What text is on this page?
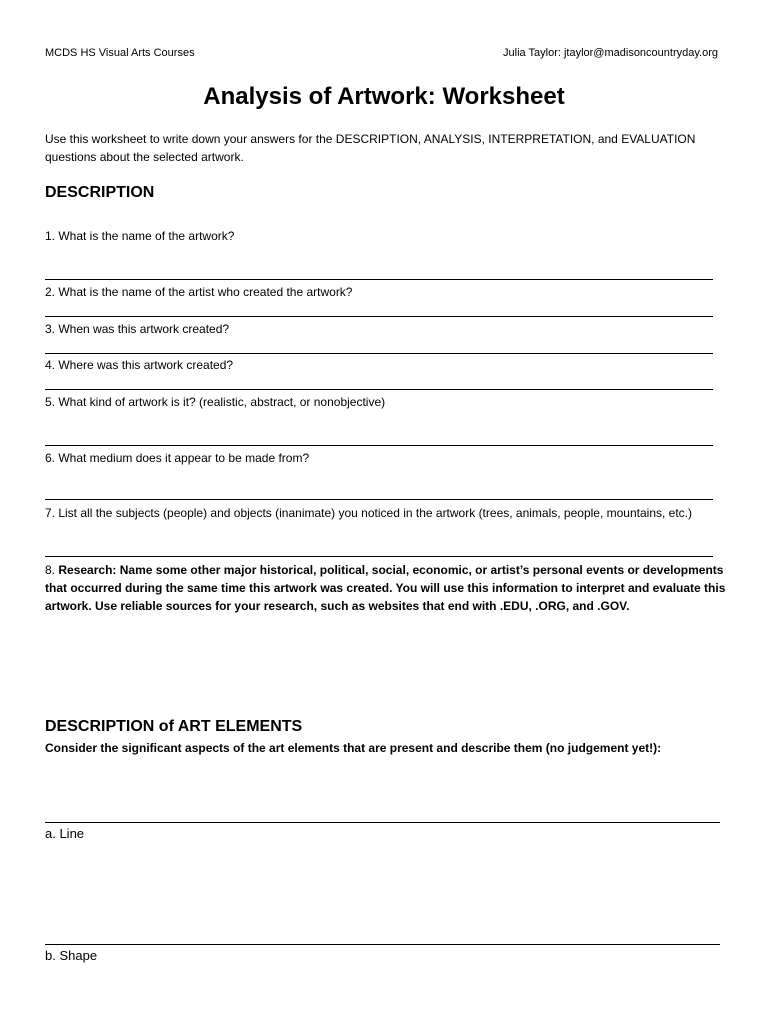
MCDS HS Visual Arts Courses	Julia Taylor: jtaylor@madisoncountryday.org
Analysis of Artwork: Worksheet
Use this worksheet to write down your answers for the DESCRIPTION, ANALYSIS, INTERPRETATION, and EVALUATION questions about the selected artwork.
DESCRIPTION
1. What is the name of the artwork?
2. What is the name of the artist who created the artwork?
3. When was this artwork created?
4. Where was this artwork created?
5. What kind of artwork is it? (realistic, abstract, or nonobjective)
6. What medium does it appear to be made from?
7. List all the subjects (people) and objects (inanimate) you noticed in the artwork (trees, animals, people, mountains, etc.)
8. Research: Name some other major historical, political, social, economic, or artist’s personal events or developments that occurred during the same time this artwork was created. You will use this information to interpret and evaluate this artwork. Use reliable sources for your research, such as websites that end with .EDU, .ORG, and .GOV.
DESCRIPTION of ART ELEMENTS
Consider the significant aspects of the art elements that are present and describe them (no judgement yet!):
a. Line
b. Shape
